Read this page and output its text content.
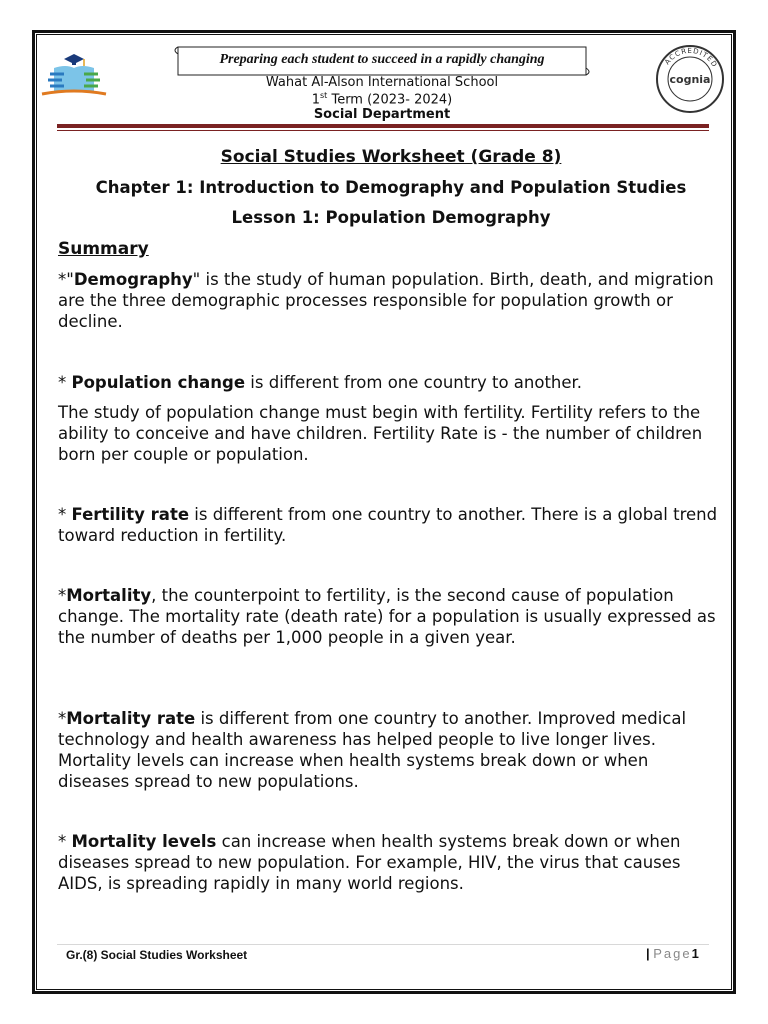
Preparing each student to succeed in a rapidly changing
Wahat Al-Alson International School
1st Term (2023- 2024)
Social Department
ACCREDITED
cognia
Social Studies Worksheet (Grade 8)
Chapter 1: Introduction to Demography and Population Studies
Lesson 1: Population Demography
Summary
*"Demography" is the study of human population. Birth, death, and migration are the three demographic processes responsible for population growth or decline.
* Population change is different from one country to another.
The study of population change must begin with fertility. Fertility refers to the ability to conceive and have children. Fertility Rate is - the number of children born per couple or population.
* Fertility rate is different from one country to another. There is a global trend toward reduction in fertility.
*Mortality, the counterpoint to fertility, is the second cause of population change. The mortality rate (death rate) for a population is usually expressed as the number of deaths per 1,000 people in a given year.
*Mortality rate is different from one country to another. Improved medical technology and health awareness has helped people to live longer lives. Mortality levels can increase when health systems break down or when diseases spread to new populations.
* Mortality levels can increase when health systems break down or when diseases spread to new population. For example, HIV, the virus that causes AIDS, is spreading rapidly in many world regions.
Gr.(8) Social Studies Worksheet	| Page1
